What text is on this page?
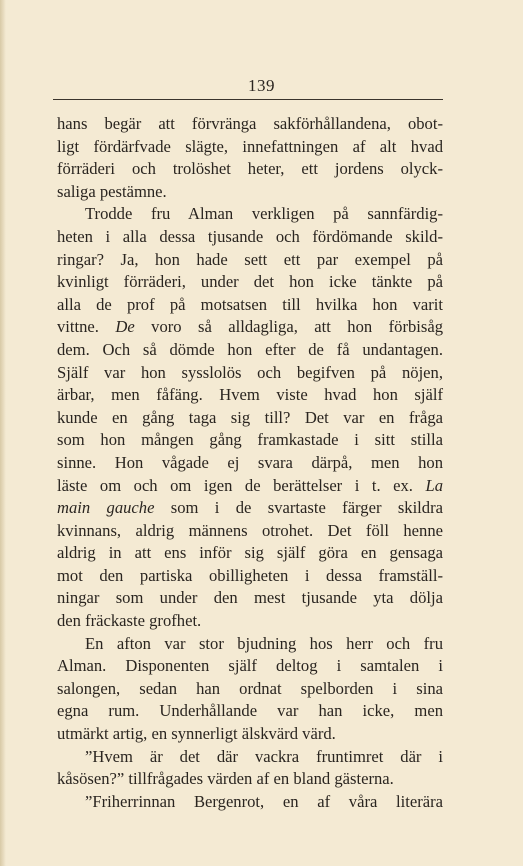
139
hans begär att förvränga sakförhållandena, obot-
ligt fördärfvade slägte, innefattningen af alt hvad
förräderi och trolöshet heter, ett jordens olyck-
saliga pestämne.
Trodde fru Alman verkligen på sannfärdig-
heten i alla dessa tjusande och fördömande skild-
ringar? Ja, hon hade sett ett par exempel på
kvinligt förräderi, under det hon icke tänkte på
alla de prof på motsatsen till hvilka hon varit
vittne. De voro så alldagliga, att hon förbisåg
dem. Och så dömde hon efter de få undantagen.
Själf var hon sysslolös och begifven på nöjen,
ärbar, men fåfäng. Hvem viste hvad hon själf
kunde en gång taga sig till? Det var en fråga
som hon mången gång framkastade i sitt stilla
sinne. Hon vågade ej svara därpå, men hon
läste om och om igen de berättelser i t. ex. La
main gauche som i de svartaste färger skildra
kvinnans, aldrig männens otrohet. Det föll henne
aldrig in att ens inför sig själf göra en gensaga
mot den partiska obilligheten i dessa framställ-
ningar som under den mest tjusande yta dölja
den fräckaste grofhet.
En afton var stor bjudning hos herr och fru
Alman. Disponenten själf deltog i samtalen i
salongen, sedan han ordnat spelborden i sina
egna rum. Underhållande var han icke, men
utmärkt artig, en synnerligt älskvärd värd.
”Hvem är det där vackra fruntimret där i
kåsösen?” tillfrågades värden af en bland gästerna.
”Friherrinnan Bergenrot, en af våra literära
